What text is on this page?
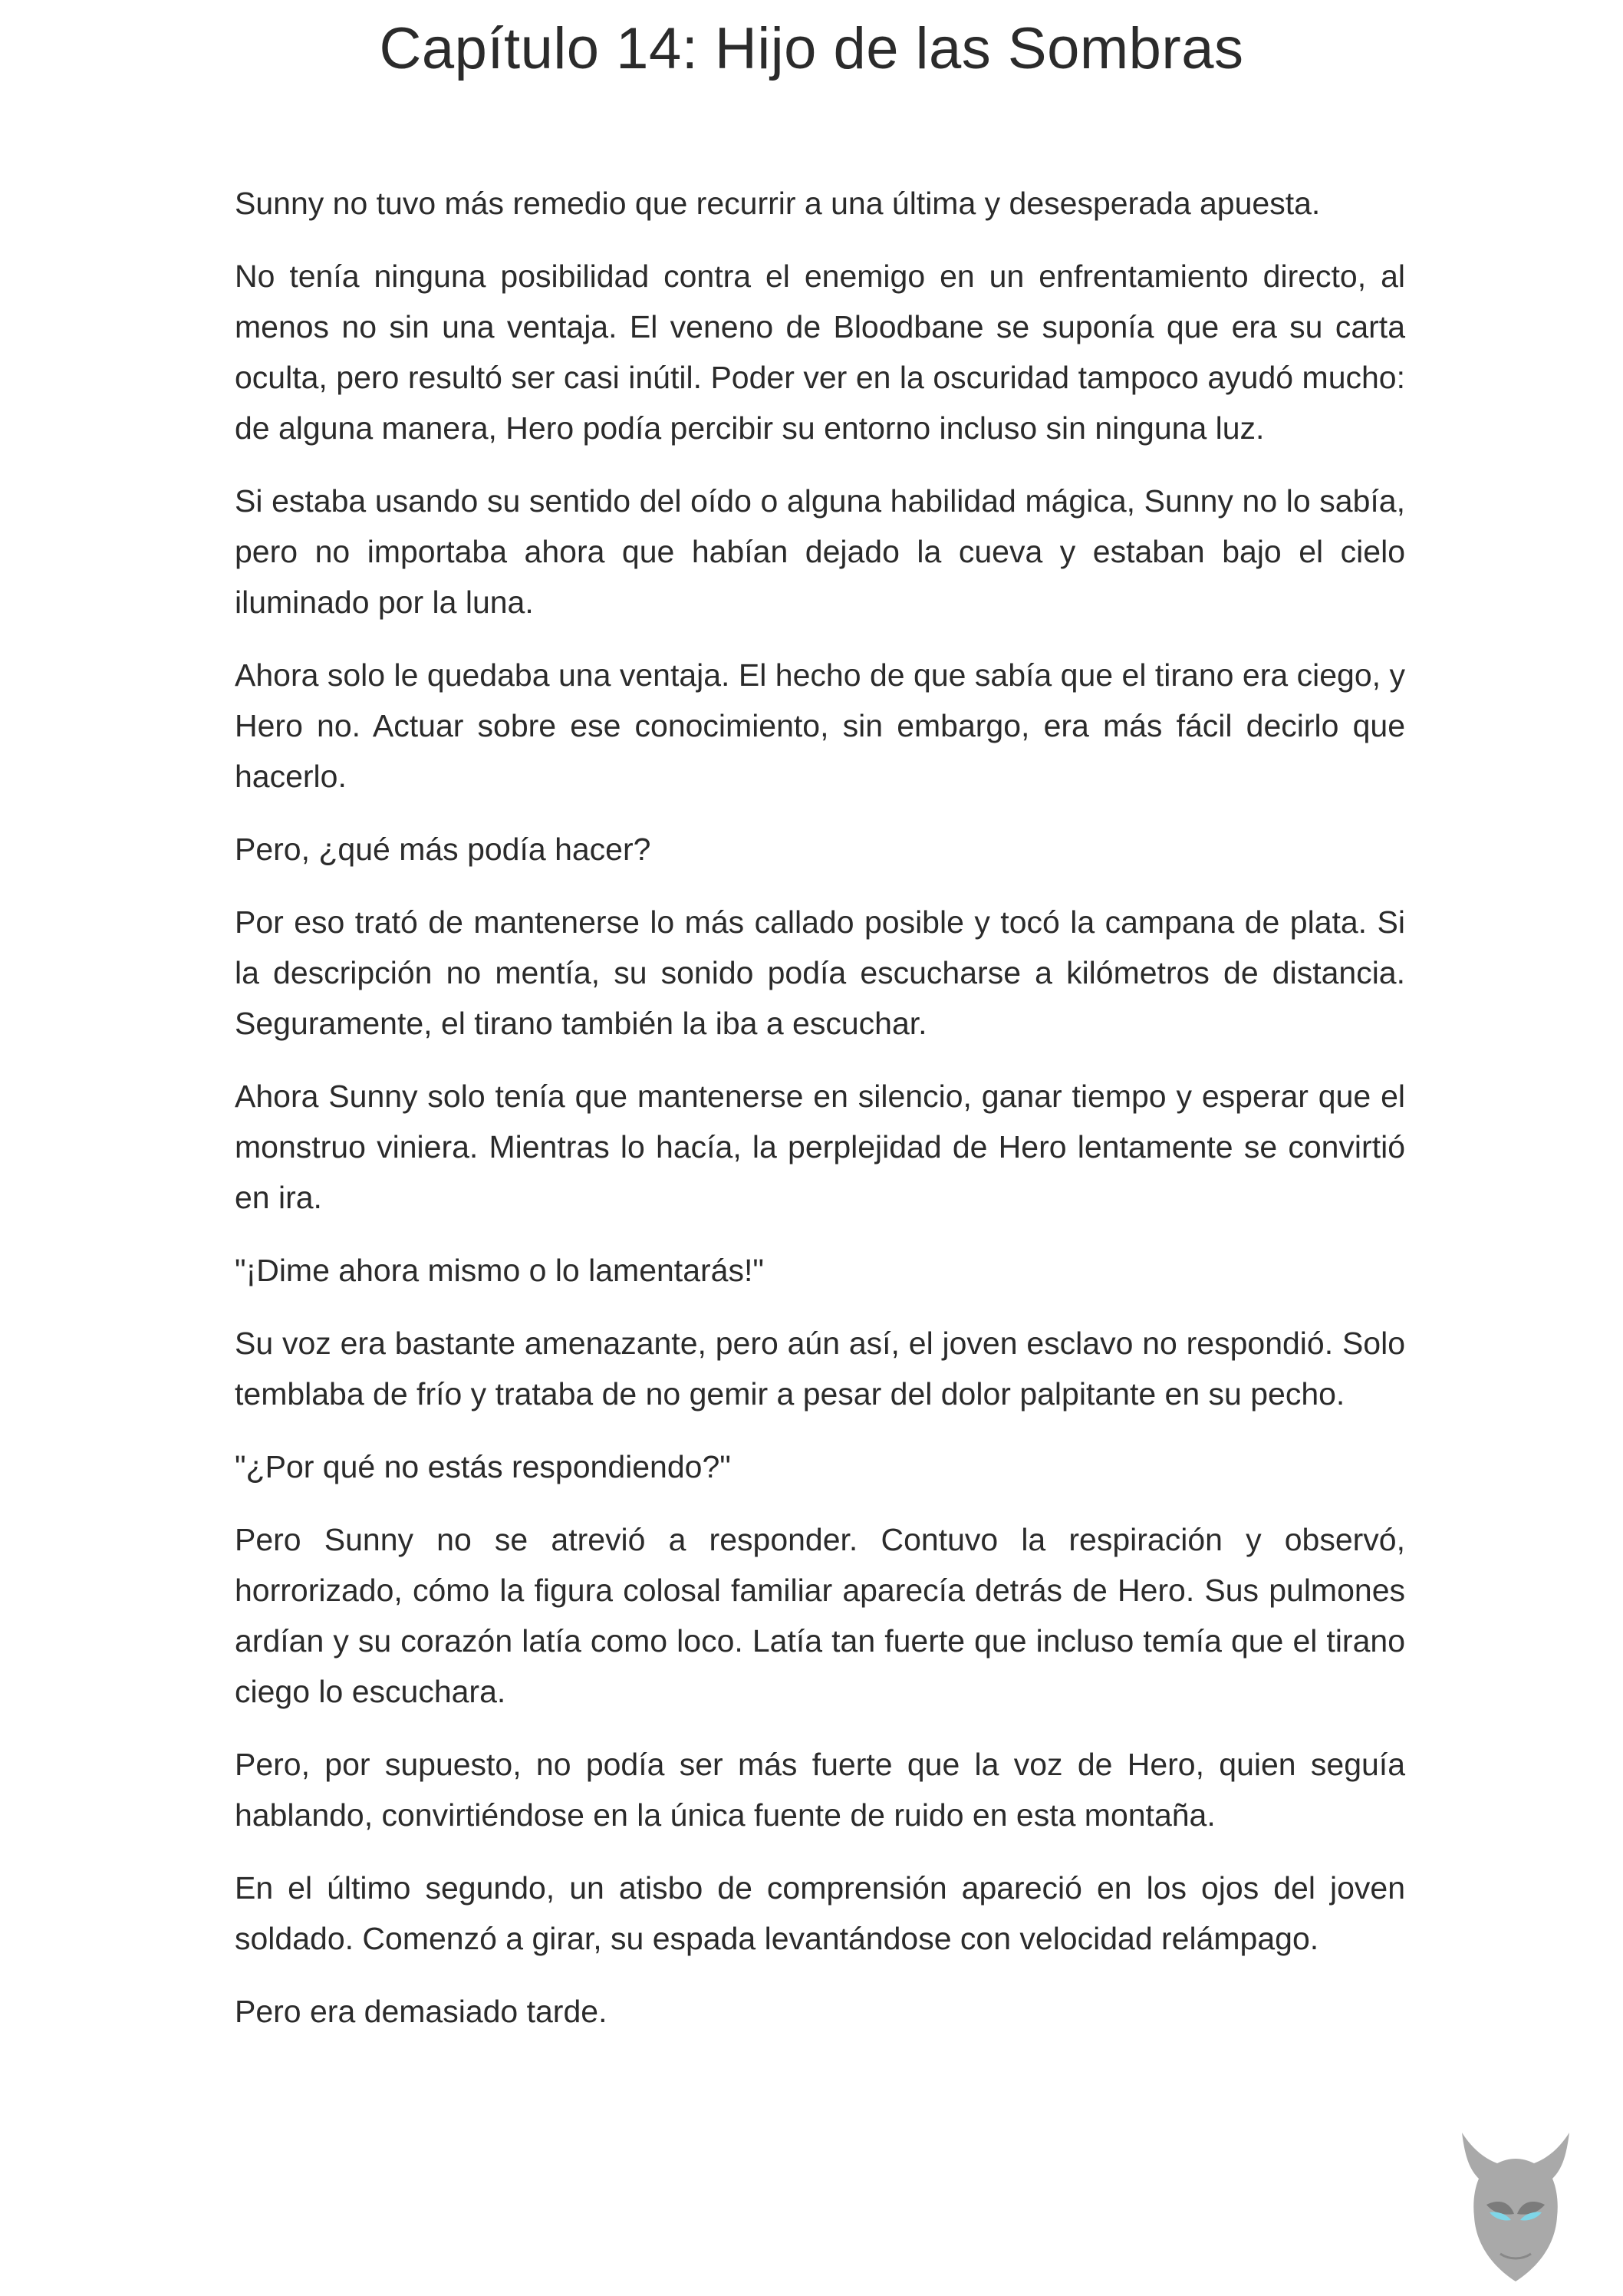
Capítulo 14: Hijo de las Sombras

Sunny no tuvo más remedio que recurrir a una última y desesperada apuesta.

No tenía ninguna posibilidad contra el enemigo en un enfrentamiento directo, al menos no sin una ventaja. El veneno de Bloodbane se suponía que era su carta oculta, pero resultó ser casi inútil. Poder ver en la oscuridad tampoco ayudó mucho: de alguna manera, Hero podía percibir su entorno incluso sin ninguna luz.

Si estaba usando su sentido del oído o alguna habilidad mágica, Sunny no lo sabía, pero no importaba ahora que habían dejado la cueva y estaban bajo el cielo iluminado por la luna.

Ahora solo le quedaba una ventaja. El hecho de que sabía que el tirano era ciego, y Hero no. Actuar sobre ese conocimiento, sin embargo, era más fácil decirlo que hacerlo.

Pero, ¿qué más podía hacer?

Por eso trató de mantenerse lo más callado posible y tocó la campana de plata. Si la descripción no mentía, su sonido podía escucharse a kilómetros de distancia. Seguramente, el tirano también la iba a escuchar.

Ahora Sunny solo tenía que mantenerse en silencio, ganar tiempo y esperar que el monstruo viniera. Mientras lo hacía, la perplejidad de Hero lentamente se convirtió en ira.

"¡Dime ahora mismo o lo lamentarás!"

Su voz era bastante amenazante, pero aún así, el joven esclavo no respondió. Solo temblaba de frío y trataba de no gemir a pesar del dolor palpitante en su pecho.

"¿Por qué no estás respondiendo?"

Pero Sunny no se atrevió a responder. Contuvo la respiración y observó, horrorizado, cómo la figura colosal familiar aparecía detrás de Hero. Sus pulmones ardían y su corazón latía como loco. Latía tan fuerte que incluso temía que el tirano ciego lo escuchara.

Pero, por supuesto, no podía ser más fuerte que la voz de Hero, quien seguía hablando, convirtiéndose en la única fuente de ruido en esta montaña.

En el último segundo, un atisbo de comprensión apareció en los ojos del joven soldado. Comenzó a girar, su espada levantándose con velocidad relámpago.

Pero era demasiado tarde.
